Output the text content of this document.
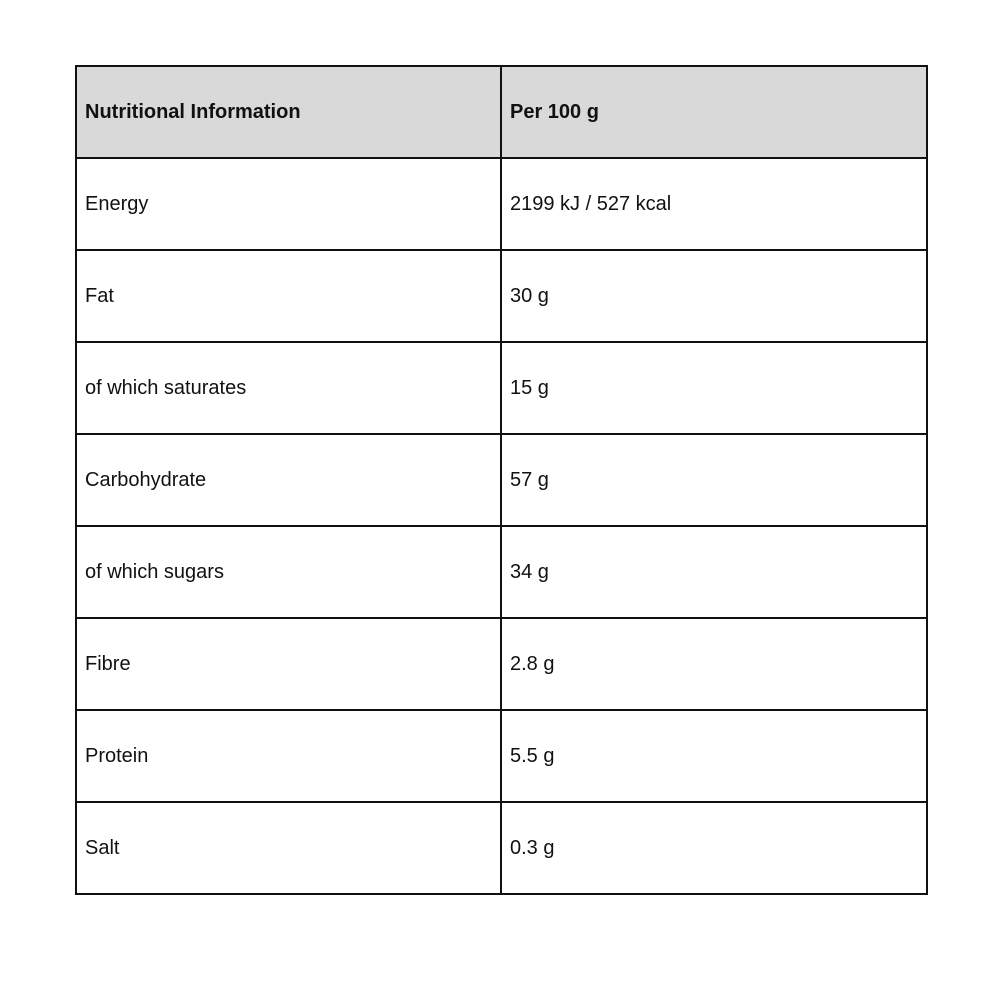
Nutritional Information	Per 100 g
Energy	2199 kJ / 527 kcal
Fat	30 g
of which saturates	15 g
Carbohydrate	57 g
of which sugars	34 g
Fibre	2.8 g
Protein	5.5 g
Salt	0.3 g
